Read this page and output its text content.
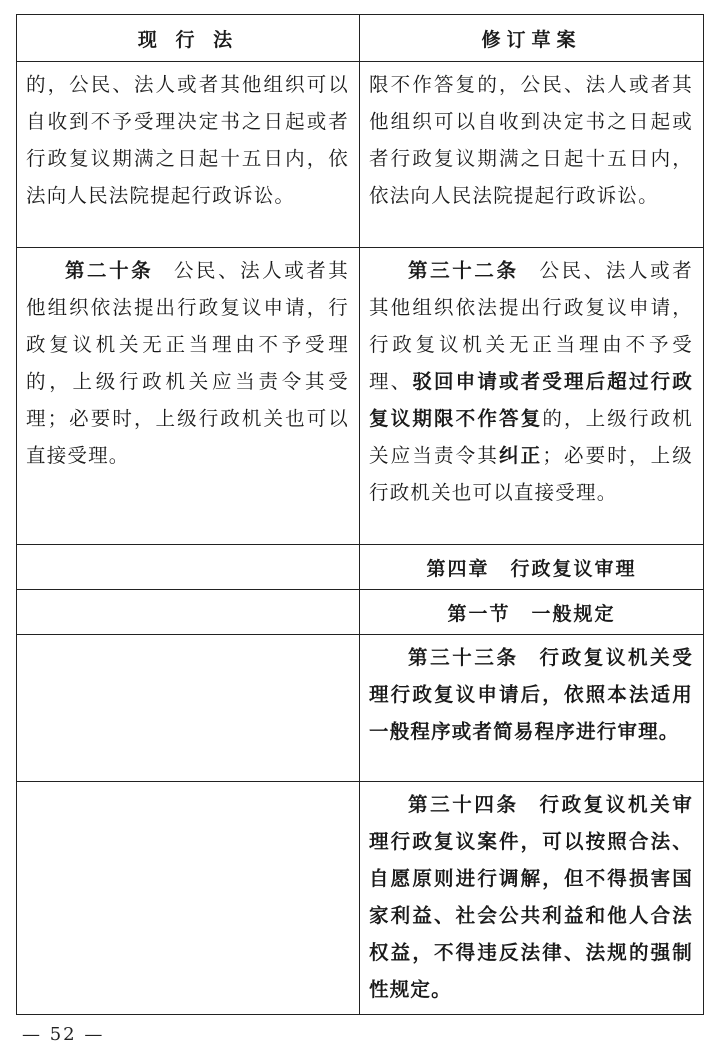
现 行 法	修订草案

的，公民、法人或者其他组织可以自收到不予受理决定书之日起或者行政复议期满之日起十五日内，依法向人民法院提起行政诉讼。	限不作答复的，公民、法人或者其他组织可以自收到决定书之日起或者行政复议期满之日起十五日内，依法向人民法院提起行政诉讼。

第二十条 公民、法人或者其他组织依法提出行政复议申请，行政复议机关无正当理由不予受理的，上级行政机关应当责令其受理；必要时，上级行政机关也可以直接受理。	第三十二条 公民、法人或者其他组织依法提出行政复议申请，行政复议机关无正当理由不予受理、驳回申请或者受理后超过行政复议期限不作答复的，上级行政机关应当责令其纠正；必要时，上级行政机关也可以直接受理。

	第四章　行政复议审理
	第一节　一般规定

	第三十三条 行政复议机关受理行政复议申请后，依照本法适用一般程序或者简易程序进行审理。

	第三十四条 行政复议机关审理行政复议案件，可以按照合法、自愿原则进行调解，但不得损害国家利益、社会公共利益和他人合法权益，不得违反法律、法规的强制性规定。
— 52 —
